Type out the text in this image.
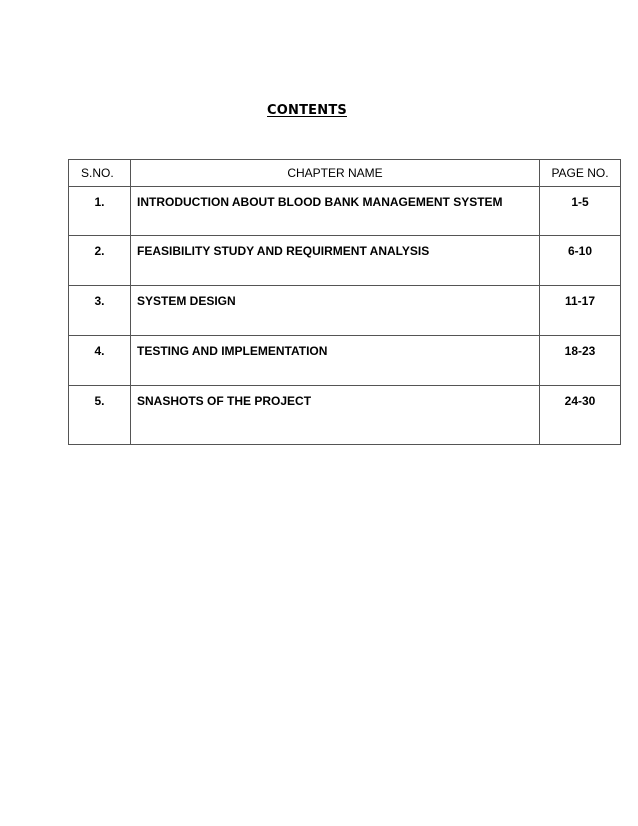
CONTENTS
S.NO.	CHAPTER NAME	PAGE NO.
1.	INTRODUCTION ABOUT BLOOD BANK MANAGEMENT SYSTEM	1-5
2.	FEASIBILITY STUDY AND REQUIRMENT ANALYSIS	6-10
3.	SYSTEM DESIGN	11-17
4.	TESTING AND IMPLEMENTATION	18-23
5.	SNASHOTS OF THE PROJECT	24-30
